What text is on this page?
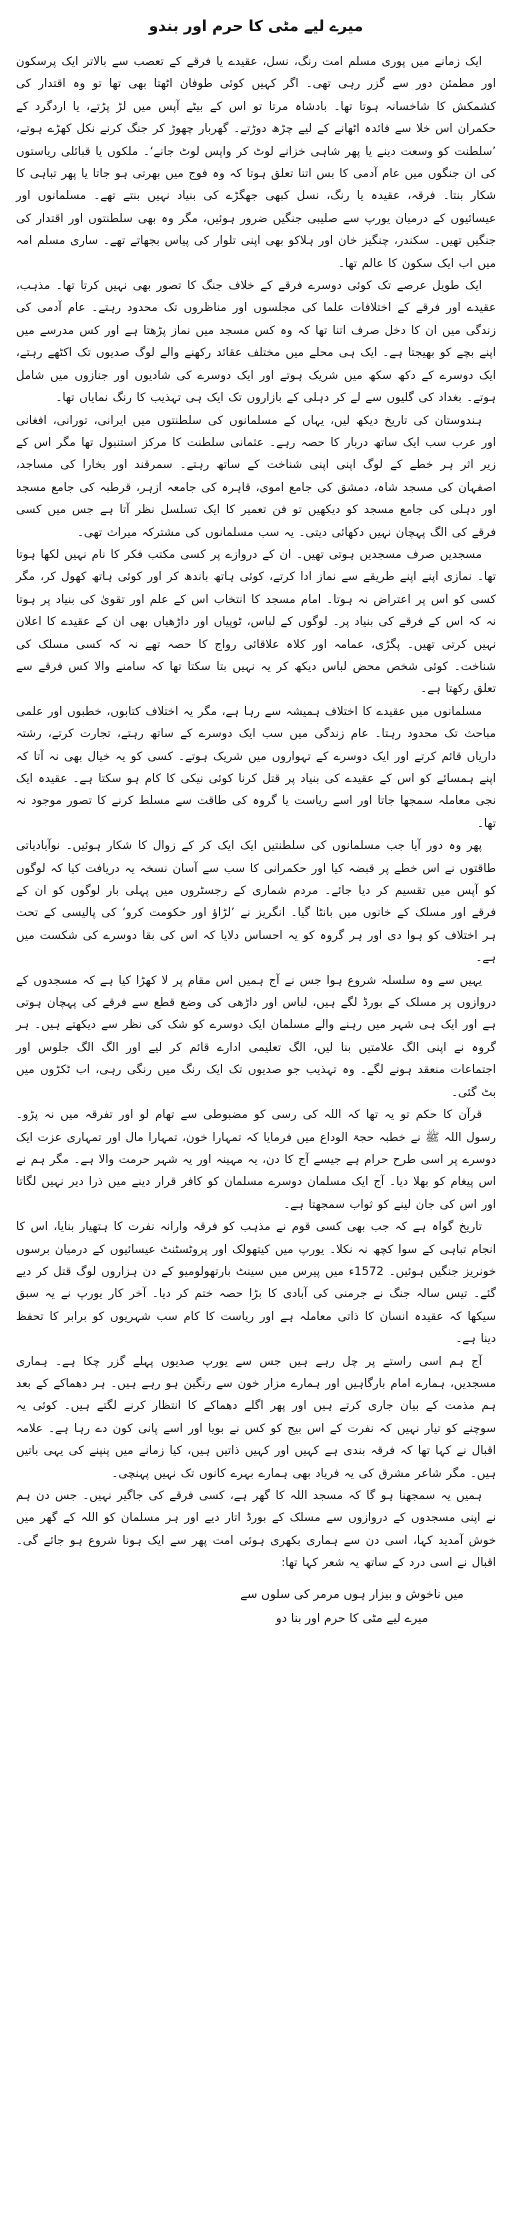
میرے لیے مٹی کا حرم اور بندو

ایک زمانے میں پوری مسلم امت رنگ، نسل، عقیدے یا فرقے کے تعصب سے بالاتر ایک پرسکون اور مطمئن دور سے گزر رہی تھی۔ اگر کہیں کوئی طوفان اٹھتا بھی تھا تو وہ اقتدار کی کشمکش کا شاخسانہ ہوتا تھا۔ بادشاہ مرتا تو اس کے بیٹے آپس میں لڑ پڑتے، یا اردگرد کے حکمران اس خلا سے فائدہ اٹھانے کے لیے چڑھ دوڑتے۔ گھربار چھوڑ کر جنگ کرنے نکل کھڑے ہوتے، ’سلطنت کو وسعت دینے یا پھر شاہی خزانے لوٹ کر واپس لوٹ جانے‘۔ ملکوں یا قبائلی ریاستوں کی ان جنگوں میں عام آدمی کا بس اتنا تعلق ہوتا کہ وہ فوج میں بھرتی ہو جاتا یا پھر تباہی کا شکار بنتا۔ فرقہ، عقیدہ یا رنگ، نسل کبھی جھگڑے کی بنیاد نہیں بنتے تھے۔ مسلمانوں اور عیسائیوں کے درمیان یورپ سے صلیبی جنگیں ضرور ہوئیں، مگر وہ بھی سلطنتوں اور اقتدار کی جنگیں تھیں۔ سکندر، چنگیز خان اور ہلاکو بھی اپنی تلوار کی پیاس بجھاتے تھے۔ ساری مسلم امہ میں اب ایک سکون کا عالم تھا۔

ایک طویل عرصے تک کوئی دوسرے فرقے کے خلاف جنگ کا تصور بھی نہیں کرتا تھا۔ مذہب، عقیدے اور فرقے کے اختلافات علما کی مجلسوں اور مناظروں تک محدود رہتے۔ عام آدمی کی زندگی میں ان کا دخل صرف اتنا تھا کہ وہ کس مسجد میں نماز پڑھتا ہے اور کس مدرسے میں اپنے بچے کو بھیجتا ہے۔ ایک ہی محلے میں مختلف عقائد رکھنے والے لوگ صدیوں تک اکٹھے رہتے، ایک دوسرے کے دکھ سکھ میں شریک ہوتے اور ایک دوسرے کی شادیوں اور جنازوں میں شامل ہوتے۔ بغداد کی گلیوں سے لے کر دہلی کے بازاروں تک ایک ہی تہذیب کا رنگ نمایاں تھا۔

ہندوستان کی تاریخ دیکھ لیں، یہاں کے مسلمانوں کی سلطنتوں میں ایرانی، تورانی، افغانی اور عرب سب ایک ساتھ دربار کا حصہ رہے۔ عثمانی سلطنت کا مرکز استنبول تھا مگر اس کے زیر اثر ہر خطے کے لوگ اپنی اپنی شناخت کے ساتھ رہتے۔ سمرقند اور بخارا کی مساجد، اصفہان کی مسجد شاہ، دمشق کی جامع اموی، قاہرہ کی جامعہ ازہر، قرطبہ کی جامع مسجد اور دہلی کی جامع مسجد کو دیکھیں تو فن تعمیر کا ایک تسلسل نظر آتا ہے جس میں کسی فرقے کی الگ پہچان نہیں دکھائی دیتی۔ یہ سب مسلمانوں کی مشترکہ میراث تھی۔

مسجدیں صرف مسجدیں ہوتی تھیں۔ ان کے دروازے پر کسی مکتب فکر کا نام نہیں لکھا ہوتا تھا۔ نمازی اپنے اپنے طریقے سے نماز ادا کرتے، کوئی ہاتھ باندھ کر اور کوئی ہاتھ کھول کر، مگر کسی کو اس پر اعتراض نہ ہوتا۔ امام مسجد کا انتخاب اس کے علم اور تقویٰ کی بنیاد پر ہوتا نہ کہ اس کے فرقے کی بنیاد پر۔ لوگوں کے لباس، ٹوپیاں اور داڑھیاں بھی ان کے عقیدے کا اعلان نہیں کرتی تھیں۔ پگڑی، عمامہ اور کلاہ علاقائی رواج کا حصہ تھے نہ کہ کسی مسلک کی شناخت۔ کوئی شخص محض لباس دیکھ کر یہ نہیں بتا سکتا تھا کہ سامنے والا کس فرقے سے تعلق رکھتا ہے۔

مسلمانوں میں عقیدے کا اختلاف ہمیشہ سے رہا ہے، مگر یہ اختلاف کتابوں، خطبوں اور علمی مباحث تک محدود رہتا۔ عام زندگی میں سب ایک دوسرے کے ساتھ رہتے، تجارت کرتے، رشتہ داریاں قائم کرتے اور ایک دوسرے کے تہواروں میں شریک ہوتے۔ کسی کو یہ خیال بھی نہ آتا کہ اپنے ہمسائے کو اس کے عقیدے کی بنیاد پر قتل کرنا کوئی نیکی کا کام ہو سکتا ہے۔ عقیدہ ایک نجی معاملہ سمجھا جاتا اور اسے ریاست یا گروہ کی طاقت سے مسلط کرنے کا تصور موجود نہ تھا۔

پھر وہ دور آیا جب مسلمانوں کی سلطنتیں ایک ایک کر کے زوال کا شکار ہوئیں۔ نوآبادیاتی طاقتوں نے اس خطے پر قبضہ کیا اور حکمرانی کا سب سے آسان نسخہ یہ دریافت کیا کہ لوگوں کو آپس میں تقسیم کر دیا جائے۔ مردم شماری کے رجسٹروں میں پہلی بار لوگوں کو ان کے فرقے اور مسلک کے خانوں میں بانٹا گیا۔ انگریز نے ’لڑاؤ اور حکومت کرو‘ کی پالیسی کے تحت ہر اختلاف کو ہوا دی اور ہر گروہ کو یہ احساس دلایا کہ اس کی بقا دوسرے کی شکست میں ہے۔

یہیں سے وہ سلسلہ شروع ہوا جس نے آج ہمیں اس مقام پر لا کھڑا کیا ہے کہ مسجدوں کے دروازوں پر مسلک کے بورڈ لگے ہیں، لباس اور داڑھی کی وضع قطع سے فرقے کی پہچان ہوتی ہے اور ایک ہی شہر میں رہنے والے مسلمان ایک دوسرے کو شک کی نظر سے دیکھتے ہیں۔ ہر گروہ نے اپنی الگ علامتیں بنا لیں، الگ تعلیمی ادارے قائم کر لیے اور الگ الگ جلوس اور اجتماعات منعقد ہونے لگے۔ وہ تہذیب جو صدیوں تک ایک رنگ میں رنگی رہی، اب ٹکڑوں میں بٹ گئی۔

قرآن کا حکم تو یہ تھا کہ اللہ کی رسی کو مضبوطی سے تھام لو اور تفرقہ میں نہ پڑو۔ رسول اللہ ﷺ نے خطبہ حجۃ الوداع میں فرمایا کہ تمہارا خون، تمہارا مال اور تمہاری عزت ایک دوسرے پر اسی طرح حرام ہے جیسے آج کا دن، یہ مہینہ اور یہ شہر حرمت والا ہے۔ مگر ہم نے اس پیغام کو بھلا دیا۔ آج ایک مسلمان دوسرے مسلمان کو کافر قرار دینے میں ذرا دیر نہیں لگاتا اور اس کی جان لینے کو ثواب سمجھتا ہے۔

تاریخ گواہ ہے کہ جب بھی کسی قوم نے مذہب کو فرقہ وارانہ نفرت کا ہتھیار بنایا، اس کا انجام تباہی کے سوا کچھ نہ نکلا۔ یورپ میں کیتھولک اور پروٹسٹنٹ عیسائیوں کے درمیان برسوں خونریز جنگیں ہوئیں۔ 1572ء میں پیرس میں سینٹ بارتھولومیو کے دن ہزاروں لوگ قتل کر دیے گئے۔ تیس سالہ جنگ نے جرمنی کی آبادی کا بڑا حصہ ختم کر دیا۔ آخر کار یورپ نے یہ سبق سیکھا کہ عقیدہ انسان کا ذاتی معاملہ ہے اور ریاست کا کام سب شہریوں کو برابر کا تحفظ دینا ہے۔

آج ہم اسی راستے پر چل رہے ہیں جس سے یورپ صدیوں پہلے گزر چکا ہے۔ ہماری مسجدیں، ہمارے امام بارگاہیں اور ہمارے مزار خون سے رنگین ہو رہے ہیں۔ ہر دھماکے کے بعد ہم مذمت کے بیان جاری کرتے ہیں اور پھر اگلے دھماکے کا انتظار کرنے لگتے ہیں۔ کوئی یہ سوچنے کو تیار نہیں کہ نفرت کے اس بیج کو کس نے بویا اور اسے پانی کون دے رہا ہے۔ علامہ اقبال نے کہا تھا کہ فرقہ بندی ہے کہیں اور کہیں ذاتیں ہیں، کیا زمانے میں پنپنے کی یہی باتیں ہیں۔ مگر شاعر مشرق کی یہ فریاد بھی ہمارے بہرے کانوں تک نہیں پہنچی۔

ہمیں یہ سمجھنا ہو گا کہ مسجد اللہ کا گھر ہے، کسی فرقے کی جاگیر نہیں۔ جس دن ہم نے اپنی مسجدوں کے دروازوں سے مسلک کے بورڈ اتار دیے اور ہر مسلمان کو اللہ کے گھر میں خوش آمدید کہا، اسی دن سے ہماری بکھری ہوئی امت پھر سے ایک ہونا شروع ہو جائے گی۔ اقبال نے اسی درد کے ساتھ یہ شعر کہا تھا:

میں ناخوش و بیزار ہوں مرمر کی سلوں سے
میرے لیے مٹی کا حرم اور بنا دو
